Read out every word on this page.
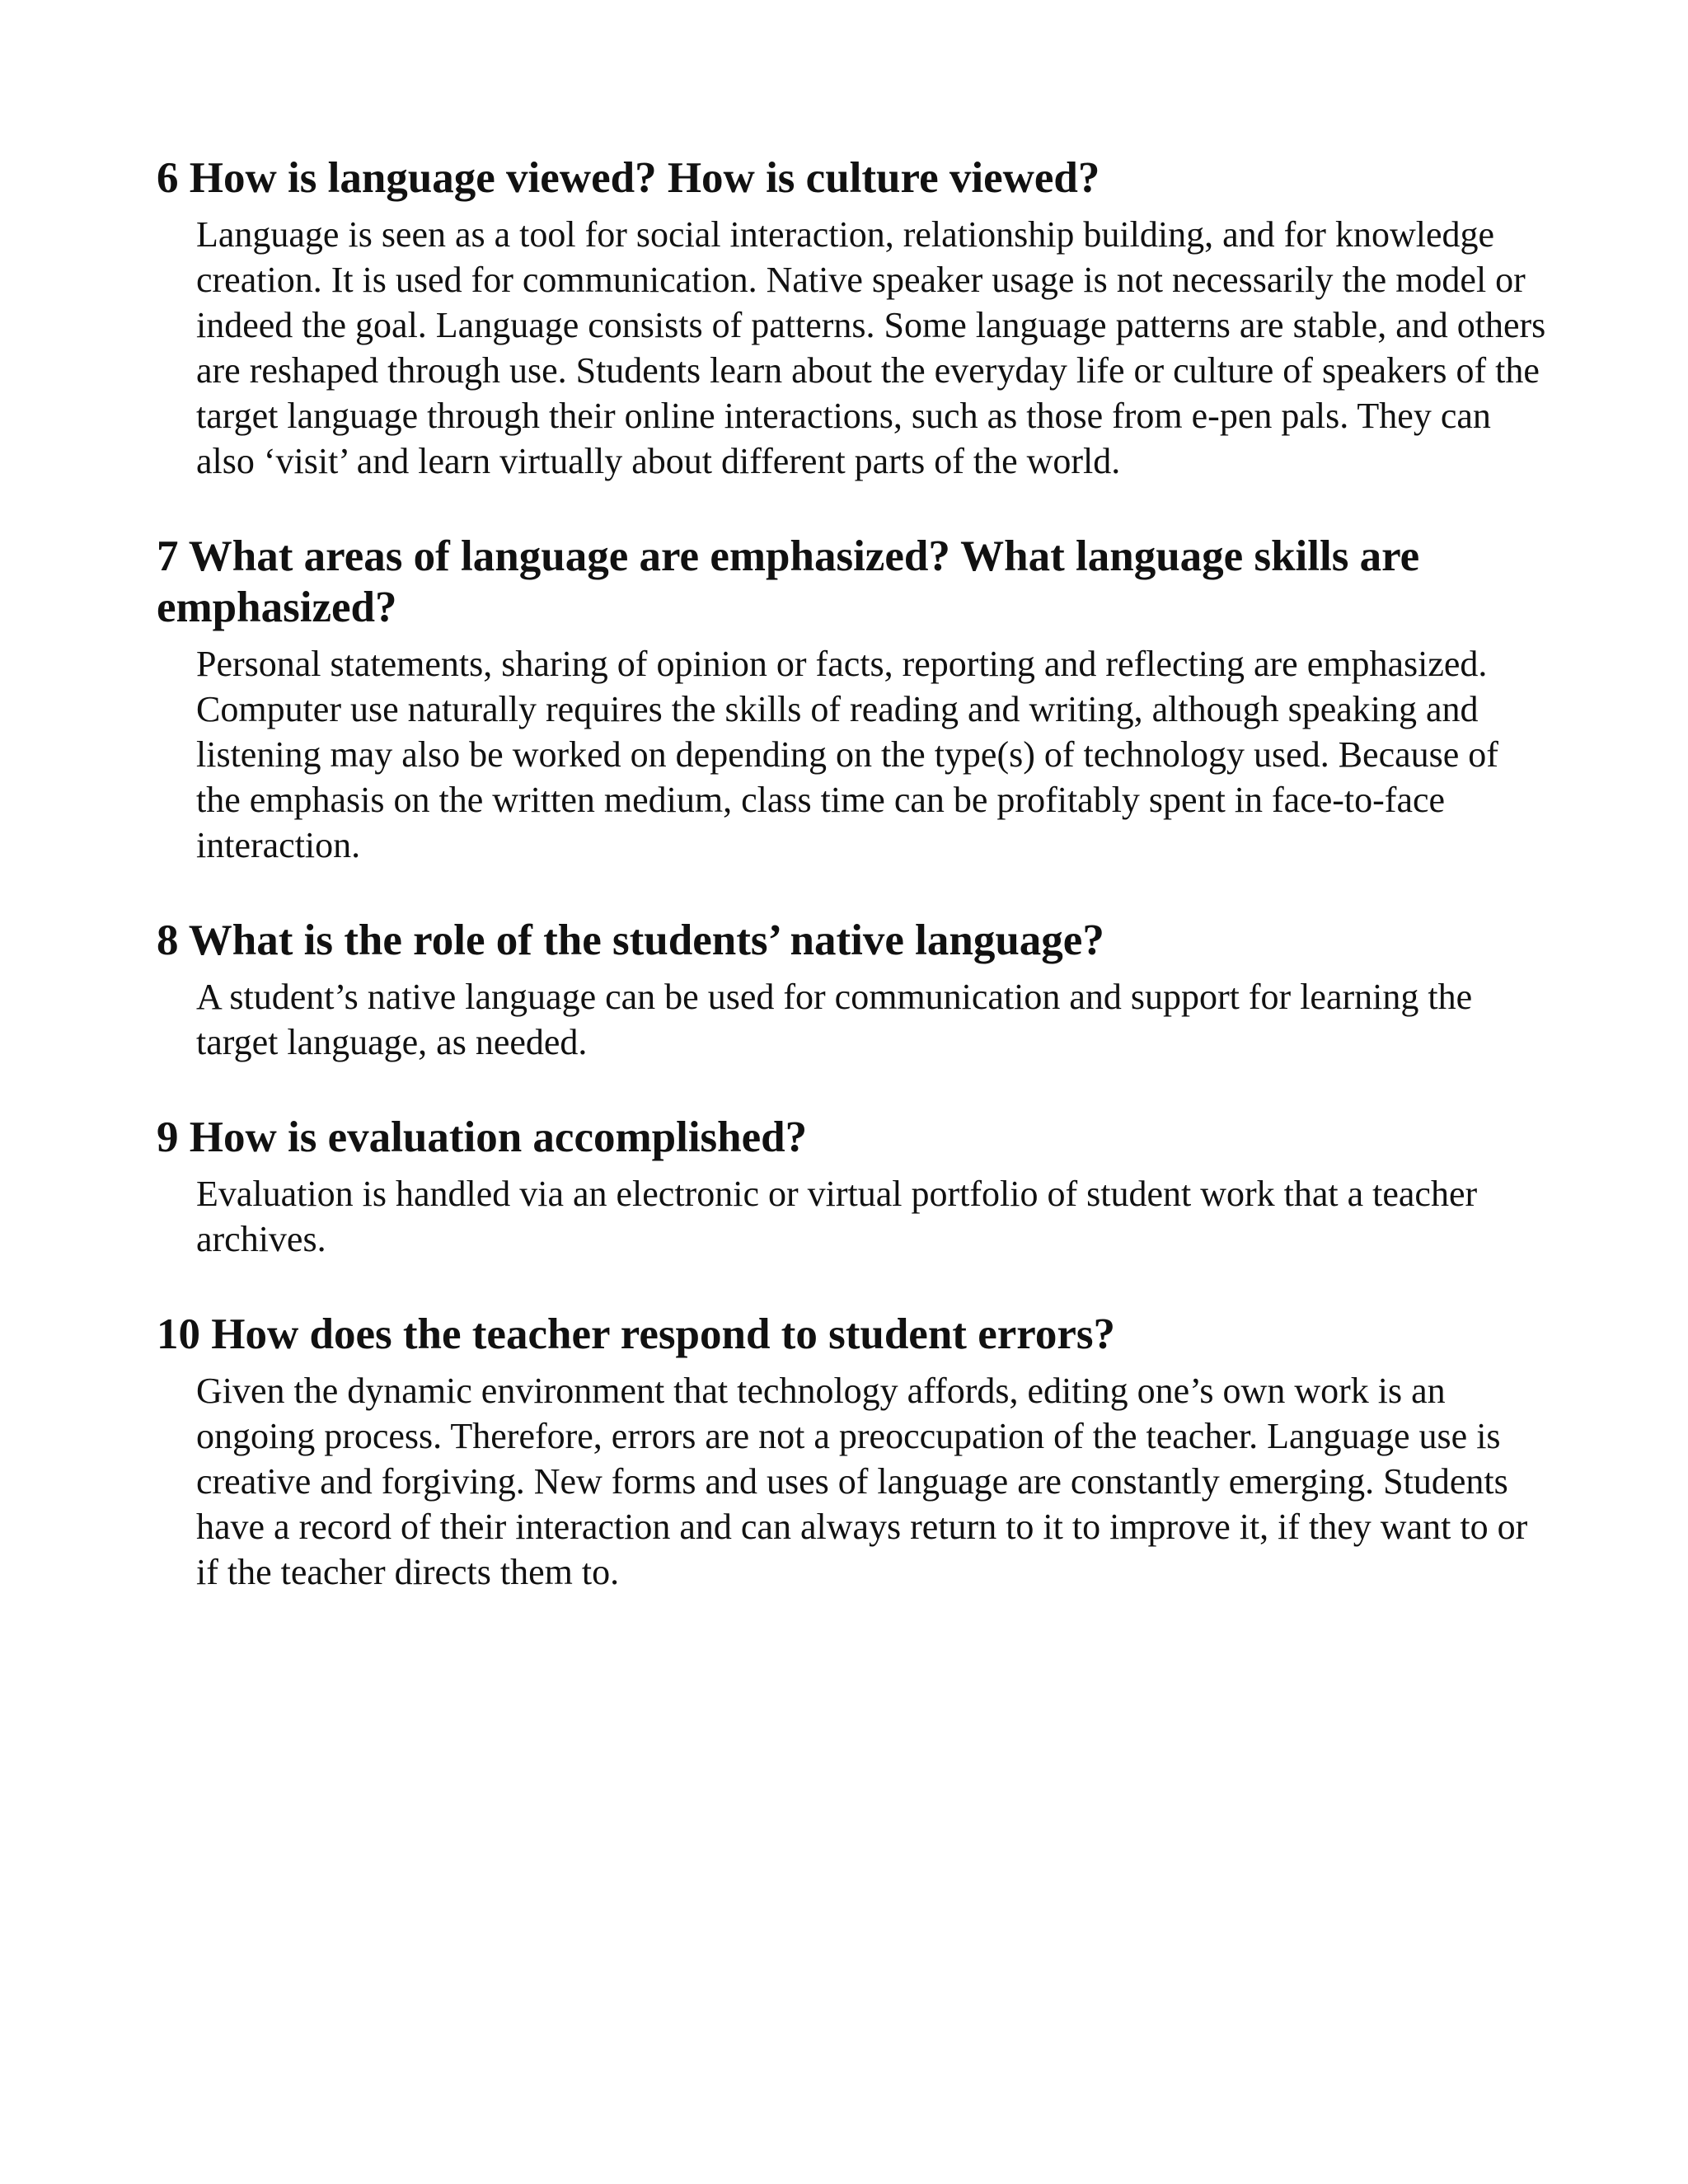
6 How is language viewed? How is culture viewed?

Language is seen as a tool for social interaction, relationship building, and for knowledge creation. It is used for communication. Native speaker usage is not necessarily the model or indeed the goal. Language consists of patterns. Some language patterns are stable, and others are reshaped through use. Students learn about the everyday life or culture of speakers of the target language through their online interactions, such as those from e-pen pals. They can also ‘visit’ and learn virtually about different parts of the world.

7 What areas of language are emphasized? What language skills are emphasized?

Personal statements, sharing of opinion or facts, reporting and reflecting are emphasized. Computer use naturally requires the skills of reading and writing, although speaking and listening may also be worked on depending on the type(s) of technology used. Because of the emphasis on the written medium, class time can be profitably spent in face-to-face interaction.

8 What is the role of the students’ native language?

A student’s native language can be used for communication and support for learning the target language, as needed.

9 How is evaluation accomplished?

Evaluation is handled via an electronic or virtual portfolio of student work that a teacher archives.

10 How does the teacher respond to student errors?

Given the dynamic environment that technology affords, editing one’s own work is an ongoing process. Therefore, errors are not a preoccupation of the teacher. Language use is creative and forgiving. New forms and uses of language are constantly emerging. Students have a record of their interaction and can always return to it to improve it, if they want to or if the teacher directs them to.
